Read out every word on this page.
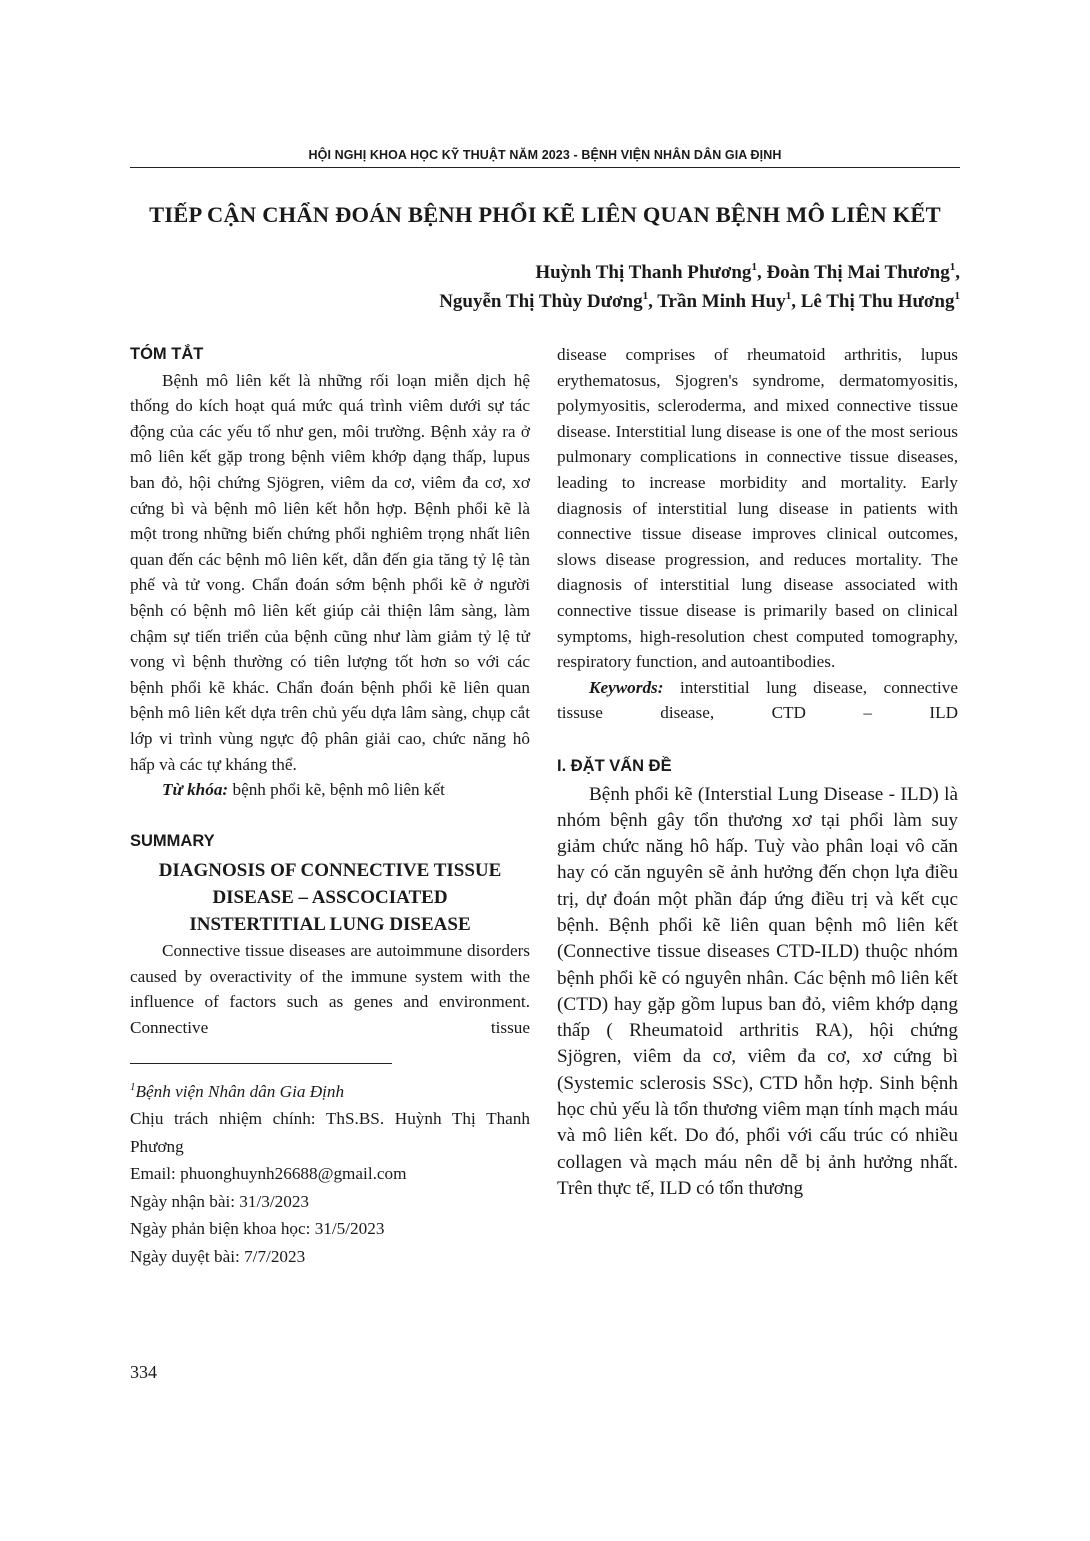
HỘI NGHỊ KHOA HỌC KỸ THUẬT NĂM 2023 - BỆNH VIỆN NHÂN DÂN GIA ĐỊNH
TIẾP CẬN CHẨN ĐOÁN BỆNH PHỔI KẼ LIÊN QUAN BỆNH MÔ LIÊN KẾT
Huỳnh Thị Thanh Phương$^1$, Đoàn Thị Mai Thương$^1$,
Nguyễn Thị Thùy Dương$^1$, Trần Minh Huy$^1$, Lê Thị Thu Hương$^1$

TÓM TẮT

Bệnh mô liên kết là những rối loạn miễn dịch hệ thống do kích hoạt quá mức quá trình viêm dưới sự tác động của các yếu tố như gen, môi trường. Bệnh xảy ra ở mô liên kết gặp trong bệnh viêm khớp dạng thấp, lupus ban đỏ, hội chứng Sjögren, viêm da cơ, viêm đa cơ, xơ cứng bì và bệnh mô liên kết hỗn hợp. Bệnh phổi kẽ là một trong những biến chứng phổi nghiêm trọng nhất liên quan đến các bệnh mô liên kết, dẫn đến gia tăng tỷ lệ tàn phế và tử vong. Chẩn đoán sớm bệnh phổi kẽ ở người bệnh có bệnh mô liên kết giúp cải thiện lâm sàng, làm chậm sự tiến triển của bệnh cũng như làm giảm tỷ lệ tử vong vì bệnh thường có tiên lượng tốt hơn so với các bệnh phổi kẽ khác. Chẩn đoán bệnh phổi kẽ liên quan bệnh mô liên kết dựa trên chủ yếu dựa lâm sàng, chụp cắt lớp vi trình vùng ngực độ phân giải cao, chức năng hô hấp và các tự kháng thể.

Từ khóa: bệnh phổi kẽ, bệnh mô liên kết

SUMMARY

DIAGNOSIS OF CONNECTIVE TISSUE
DISEASE – ASSCOCIATED
INSTERTITIAL LUNG DISEASE

Connective tissue diseases are autoimmune disorders caused by overactivity of the immune system with the influence of factors such as genes and environment. Connective tissue

$^1$Bệnh viện Nhân dân Gia Định
Chịu trách nhiệm chính: ThS.BS. Huỳnh Thị Thanh Phương
Email: phuonghuynh26688@gmail.com
Ngày nhận bài: 31/3/2023
Ngày phản biện khoa học: 31/5/2023
Ngày duyệt bài: 7/7/2023

disease comprises of rheumatoid arthritis, lupus erythematosus, Sjogren's syndrome, dermatomyositis, polymyositis, scleroderma, and mixed connective tissue disease. Interstitial lung disease is one of the most serious pulmonary complications in connective tissue diseases, leading to increase morbidity and mortality. Early diagnosis of interstitial lung disease in patients with connective tissue disease improves clinical outcomes, slows disease progression, and reduces mortality. The diagnosis of interstitial lung disease associated with connective tissue disease is primarily based on clinical symptoms, high-resolution chest computed tomography, respiratory function, and autoantibodies.

Keywords: interstitial lung disease, connective tissuse disease, CTD – ILD

I. ĐẶT VẤN ĐỀ

Bệnh phổi kẽ (Interstial Lung Disease - ILD) là nhóm bệnh gây tổn thương xơ tại phổi làm suy giảm chức năng hô hấp. Tuỳ vào phân loại vô căn hay có căn nguyên sẽ ảnh hưởng đến chọn lựa điều trị, dự đoán một phần đáp ứng điều trị và kết cục bệnh. Bệnh phổi kẽ liên quan bệnh mô liên kết (Connective tissue diseases CTD-ILD) thuộc nhóm bệnh phổi kẽ có nguyên nhân. Các bệnh mô liên kết (CTD) hay gặp gồm lupus ban đỏ, viêm khớp dạng thấp ( Rheumatoid arthritis RA), hội chứng Sjögren, viêm da cơ, viêm đa cơ, xơ cứng bì (Systemic sclerosis SSc), CTD hỗn hợp. Sinh bệnh học chủ yếu là tổn thương viêm mạn tính mạch máu và mô liên kết. Do đó, phổi với cấu trúc có nhiều collagen và mạch máu nên dễ bị ảnh hưởng nhất. Trên thực tế, ILD có tổn thương

334
